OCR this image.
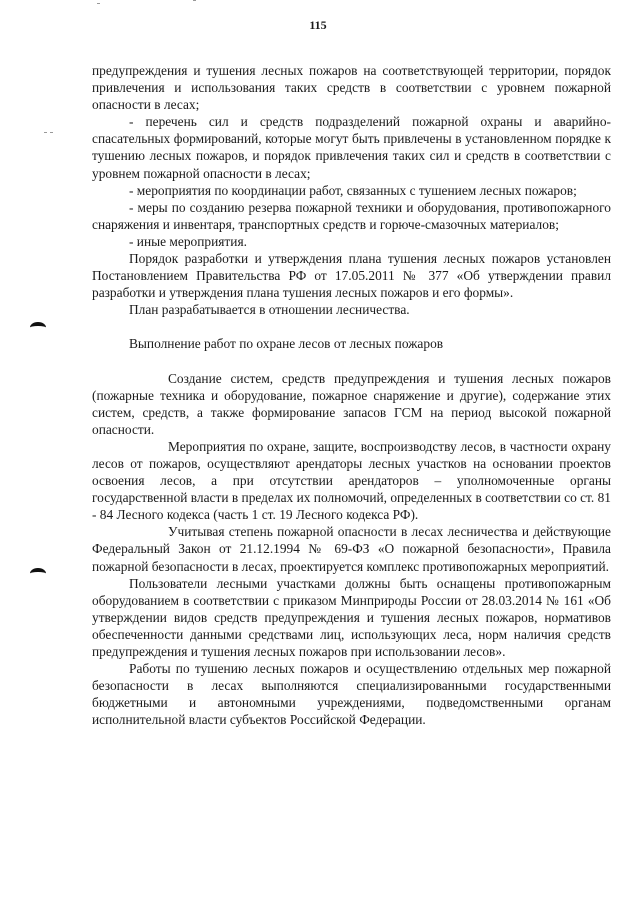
115

предупреждения и тушения лесных пожаров на соответствующей территории, порядок привлечения и использования таких средств в соответствии с уровнем пожарной опасности в лесах;

- перечень сил и средств подразделений пожарной охраны и аварийно-спасательных формирований, которые могут быть привлечены в установленном порядке к тушению лесных пожаров, и порядок привлечения таких сил и средств в соответствии с уровнем пожарной опасности в лесах;

- мероприятия по координации работ, связанных с тушением лесных пожаров;

- меры по созданию резерва пожарной техники и оборудования, противопожарного снаряжения и инвентаря, транспортных средств и горюче-смазочных материалов;

- иные мероприятия.

Порядок разработки и утверждения плана тушения лесных пожаров установлен Постановлением Правительства РФ от 17.05.2011 № 377 «Об утверждении правил разработки и утверждения плана тушения лесных пожаров и его формы».

План разрабатывается в отношении лесничества.

Выполнение работ по охране лесов от лесных пожаров

Создание систем, средств предупреждения и тушения лесных пожаров (пожарные техника и оборудование, пожарное снаряжение и другие), содержание этих систем, средств, а также формирование запасов ГСМ на период высокой пожарной опасности.

Мероприятия по охране, защите, воспроизводству лесов, в частности охрану лесов от пожаров, осуществляют арендаторы лесных участков на основании проектов освоения лесов, а при отсутствии арендаторов – уполномоченные органы государственной власти в пределах их полномочий, определенных в соответствии со ст. 81 - 84 Лесного кодекса (часть 1 ст. 19 Лесного кодекса РФ).

Учитывая степень пожарной опасности в лесах лесничества и действующие Федеральный Закон от 21.12.1994 № 69-ФЗ «О пожарной безопасности», Правила пожарной безопасности в лесах, проектируется комплекс противопожарных мероприятий.

Пользователи лесными участками должны быть оснащены противопожарным оборудованием в соответствии с приказом Минприроды России от 28.03.2014 № 161 «Об утверждении видов средств предупреждения и тушения лесных пожаров, нормативов обеспеченности данными средствами лиц, использующих леса, норм наличия средств предупреждения и тушения лесных пожаров при использовании лесов».

Работы по тушению лесных пожаров и осуществлению отдельных мер пожарной безопасности в лесах выполняются специализированными государственными бюджетными и автономными учреждениями, подведомственными органам исполнительной власти субъектов Российской Федерации.
